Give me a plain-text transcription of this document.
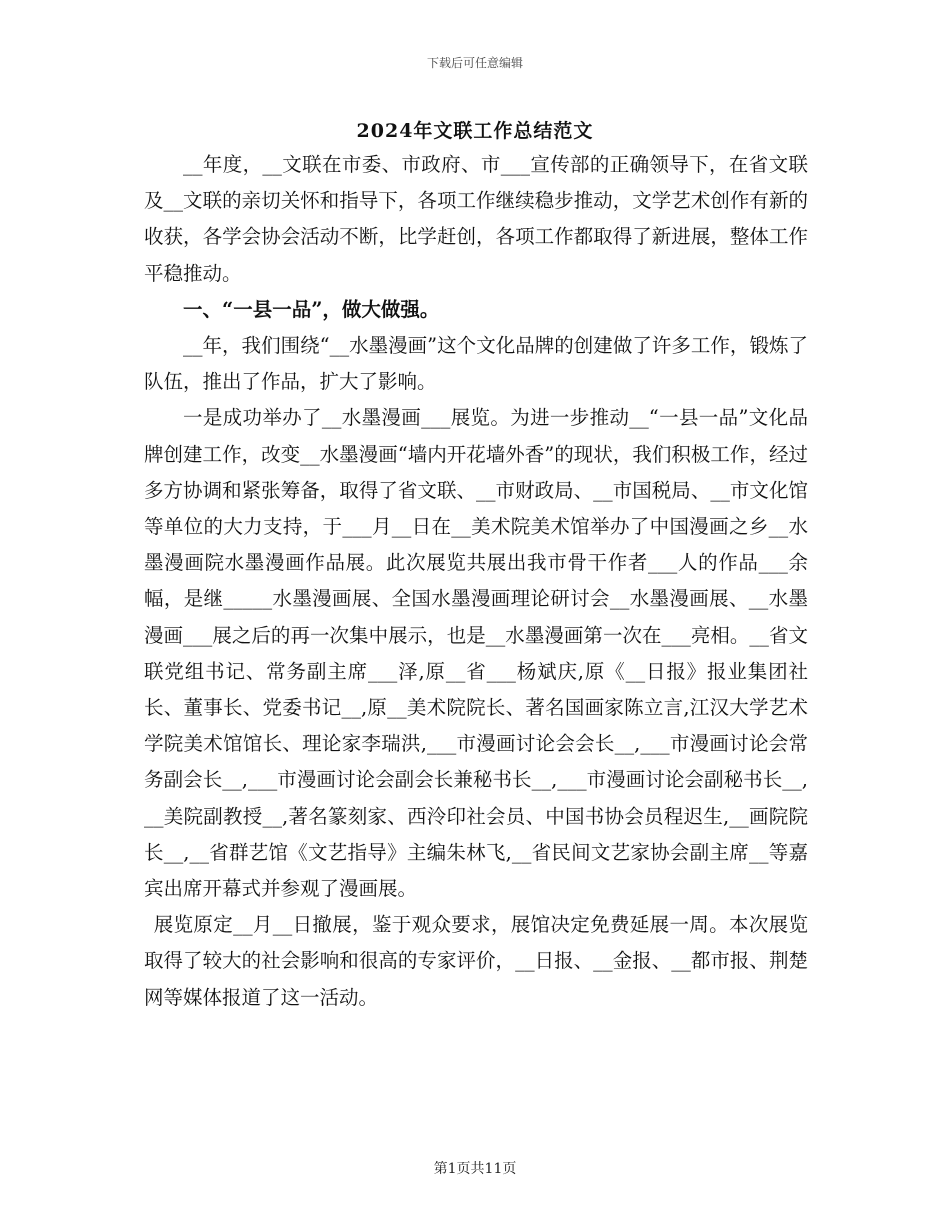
下载后可任意编辑
2024年文联工作总结范文

__年度，__文联在市委、市政府、市___宣传部的正确领导下，在省文联及__文联的亲切关怀和指导下，各项工作继续稳步推动，文学艺术创作有新的收获，各学会协会活动不断，比学赶创，各项工作都取得了新进展，整体工作平稳推动。

一、“一县一品”，做大做强。

__年，我们围绕“__水墨漫画”这个文化品牌的创建做了许多工作，锻炼了队伍，推出了作品，扩大了影响。

一是成功举办了__水墨漫画___展览。为进一步推动__“一县一品”文化品牌创建工作，改变__水墨漫画“墙内开花墙外香”的现状，我们积极工作，经过多方协调和紧张筹备，取得了省文联、__市财政局、__市国税局、__市文化馆等单位的大力支持，于___月__日在__美术院美术馆举办了中国漫画之乡__水墨漫画院水墨漫画作品展。此次展览共展出我市骨干作者___人的作品___余幅，是继_____水墨漫画展、全国水墨漫画理论研讨会__水墨漫画展、__水墨漫画___展之后的再一次集中展示，也是__水墨漫画第一次在___亮相。__省文联党组书记、常务副主席___泽,原__省___杨斌庆,原《__日报》报业集团社长、董事长、党委书记__,原__美术院院长、著名国画家陈立言,江汉大学艺术学院美术馆馆长、理论家李瑞洪,___市漫画讨论会会长__,___市漫画讨论会常务副会长__,___市漫画讨论会副会长兼秘书长__,___市漫画讨论会副秘书长__,__美院副教授__,著名篆刻家、西泠印社会员、中国书协会员程迟生,__画院院长__,__省群艺馆《文艺指导》主编朱林飞,__省民间文艺家协会副主席__等嘉宾出席开幕式并参观了漫画展。

展览原定__月__日撤展，鉴于观众要求，展馆决定免费延展一周。本次展览取得了较大的社会影响和很高的专家评价，__日报、__金报、__都市报、荆楚网等媒体报道了这一活动。

第1页共11页
